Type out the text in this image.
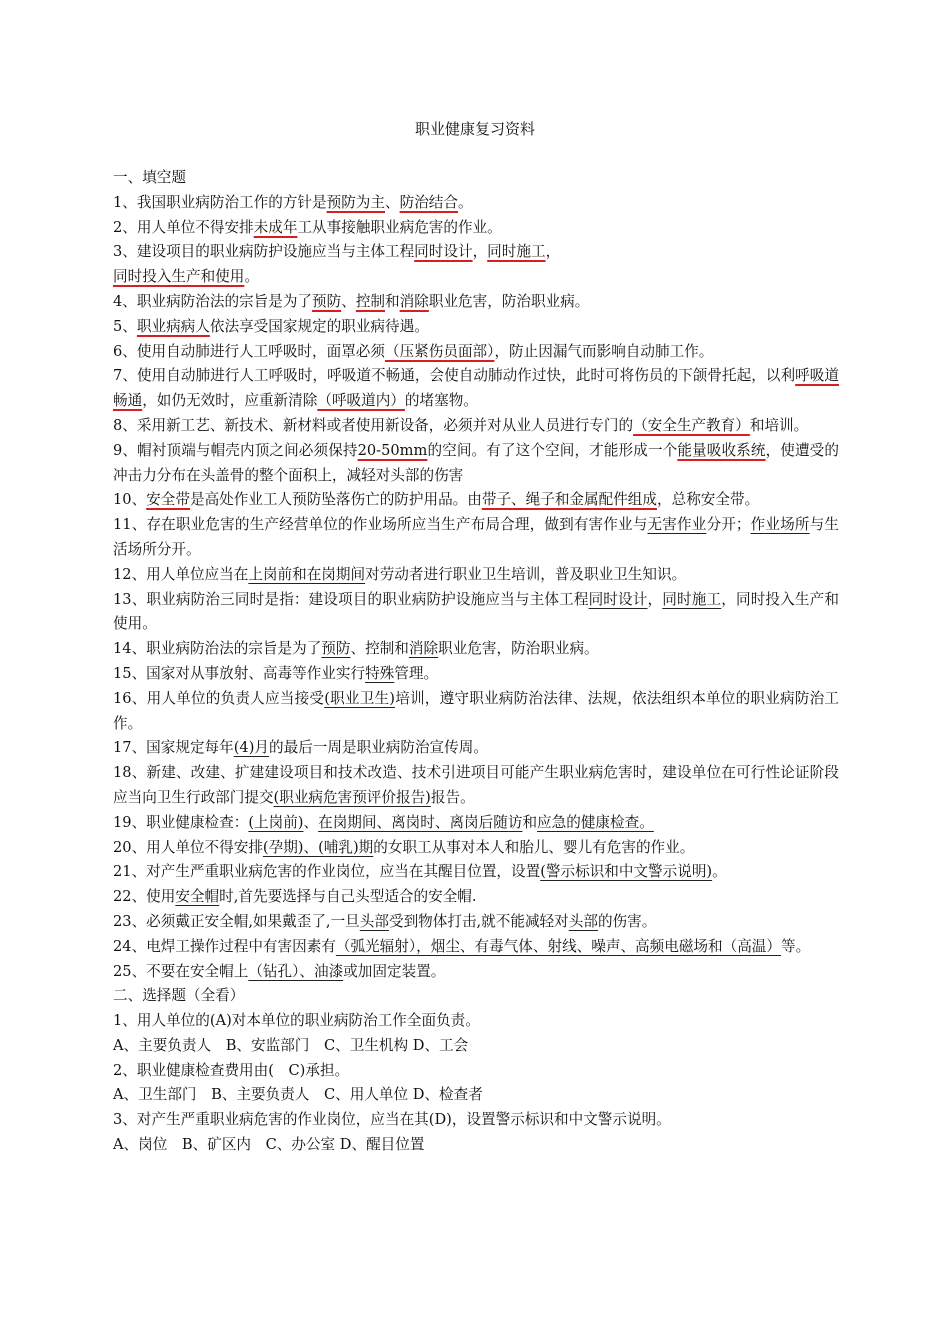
职业健康复习资料
一、填空题
1、我国职业病防治工作的方针是预防为主、防治结合。
2、用人单位不得安排未成年工从事接触职业病危害的作业。
3、建设项目的职业病防护设施应当与主体工程同时设计，同时施工，
同时投入生产和使用。
4、职业病防治法的宗旨是为了预防、控制和消除职业危害，防治职业病。
5、职业病病人依法享受国家规定的职业病待遇。
6、使用自动肺进行人工呼吸时，面罩必须（压紧伤员面部），防止因漏气而影响自动肺工作。
7、使用自动肺进行人工呼吸时，呼吸道不畅通，会使自动肺动作过快，此时可将伤员的下颌骨托起，以利呼吸道畅通，如仍无效时，应重新清除（呼吸道内）的堵塞物。
8、采用新工艺、新技术、新材料或者使用新设备，必须并对从业人员进行专门的（安全生产教育）和培训。
9、帽衬顶端与帽壳内顶之间必须保持20-50mm的空间。有了这个空间，才能形成一个能量吸收系统，使遭受的冲击力分布在头盖骨的整个面积上，减轻对头部的伤害
10、安全带是高处作业工人预防坠落伤亡的防护用品。由带子、绳子和金属配件组成，总称安全带。
11、存在职业危害的生产经营单位的作业场所应当生产布局合理，做到有害作业与无害作业分开；作业场所与生活场所分开。
12、用人单位应当在上岗前和在岗期间对劳动者进行职业卫生培训，普及职业卫生知识。
13、职业病防治三同时是指：建设项目的职业病防护设施应当与主体工程同时设计，同时施工，同时投入生产和使用。
14、职业病防治法的宗旨是为了预防、控制和消除职业危害，防治职业病。
15、国家对从事放射、高毒等作业实行特殊管理。
16、用人单位的负责人应当接受(职业卫生)培训，遵守职业病防治法律、法规，依法组织本单位的职业病防治工作。
17、国家规定每年(4)月的最后一周是职业病防治宣传周。
18、新建、改建、扩建建设项目和技术改造、技术引进项目可能产生职业病危害时，建设单位在可行性论证阶段应当向卫生行政部门提交(职业病危害预评价报告)报告。
19、职业健康检查：(上岗前)、在岗期间、离岗时、离岗后随访和应急的健康检查。
20、用人单位不得安排(孕期)、(哺乳)期的女职工从事对本人和胎儿、婴儿有危害的作业。
21、对产生严重职业病危害的作业岗位，应当在其醒目位置，设置(警示标识和中文警示说明)。
22、使用安全帽时,首先要选择与自己头型适合的安全帽.
23、必须戴正安全帽,如果戴歪了,一旦头部受到物体打击,就不能减轻对头部的伤害。
24、电焊工操作过程中有害因素有（弧光辐射），烟尘、有毒气体、射线、噪声、高频电磁场和（高温）等。
25、不要在安全帽上（钻孔）、油漆或加固定装置。
二、选择题（全看）
1、用人单位的(A)对本单位的职业病防治工作全面负责。
A、主要负责人　B、安监部门　C、卫生机构 D、工会
2、职业健康检查费用由(　C)承担。
A、卫生部门　B、主要负责人　C、用人单位 D、检查者
3、对产生严重职业病危害的作业岗位，应当在其(D)，设置警示标识和中文警示说明。
A、岗位　B、矿区内　C、办公室 D、醒目位置
